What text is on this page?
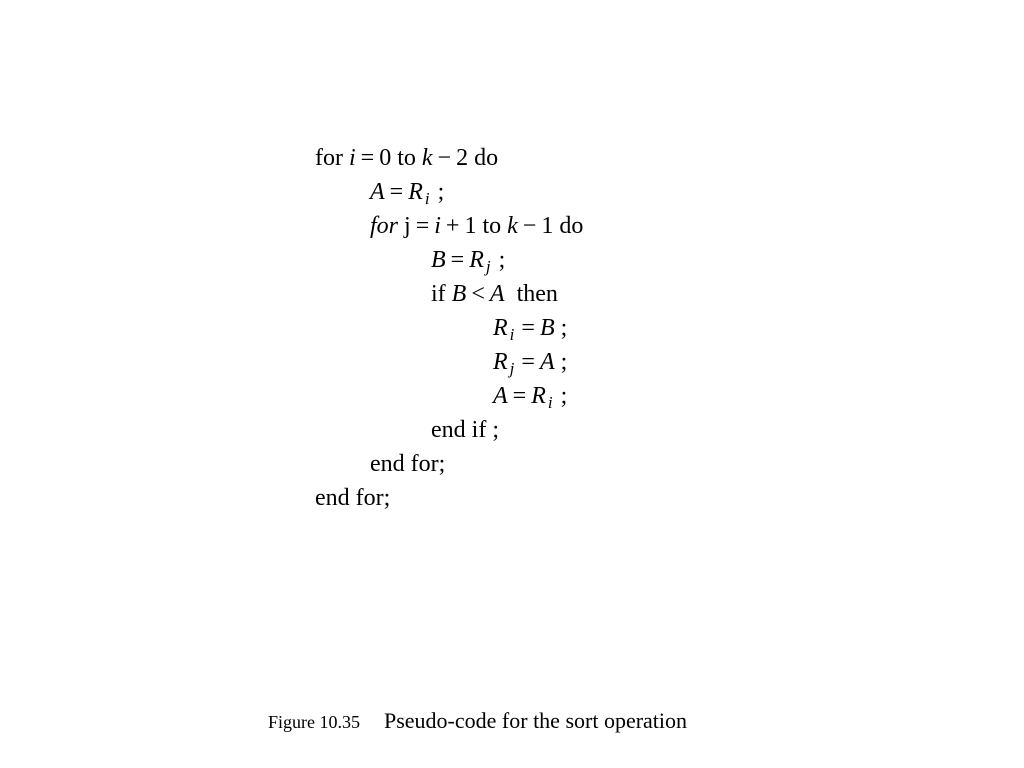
for i = 0 to k − 2 do
A = R $_i$ ;
for j = i + 1 to k − 1 do
B = R $_j$ ;
if B < A then
R $_i$ = B ;
R $_j$ = A ;
A = R $_i$ ;
end if ;
end for;
end for;
Figure 10.35 Pseudo-code for the sort operation
